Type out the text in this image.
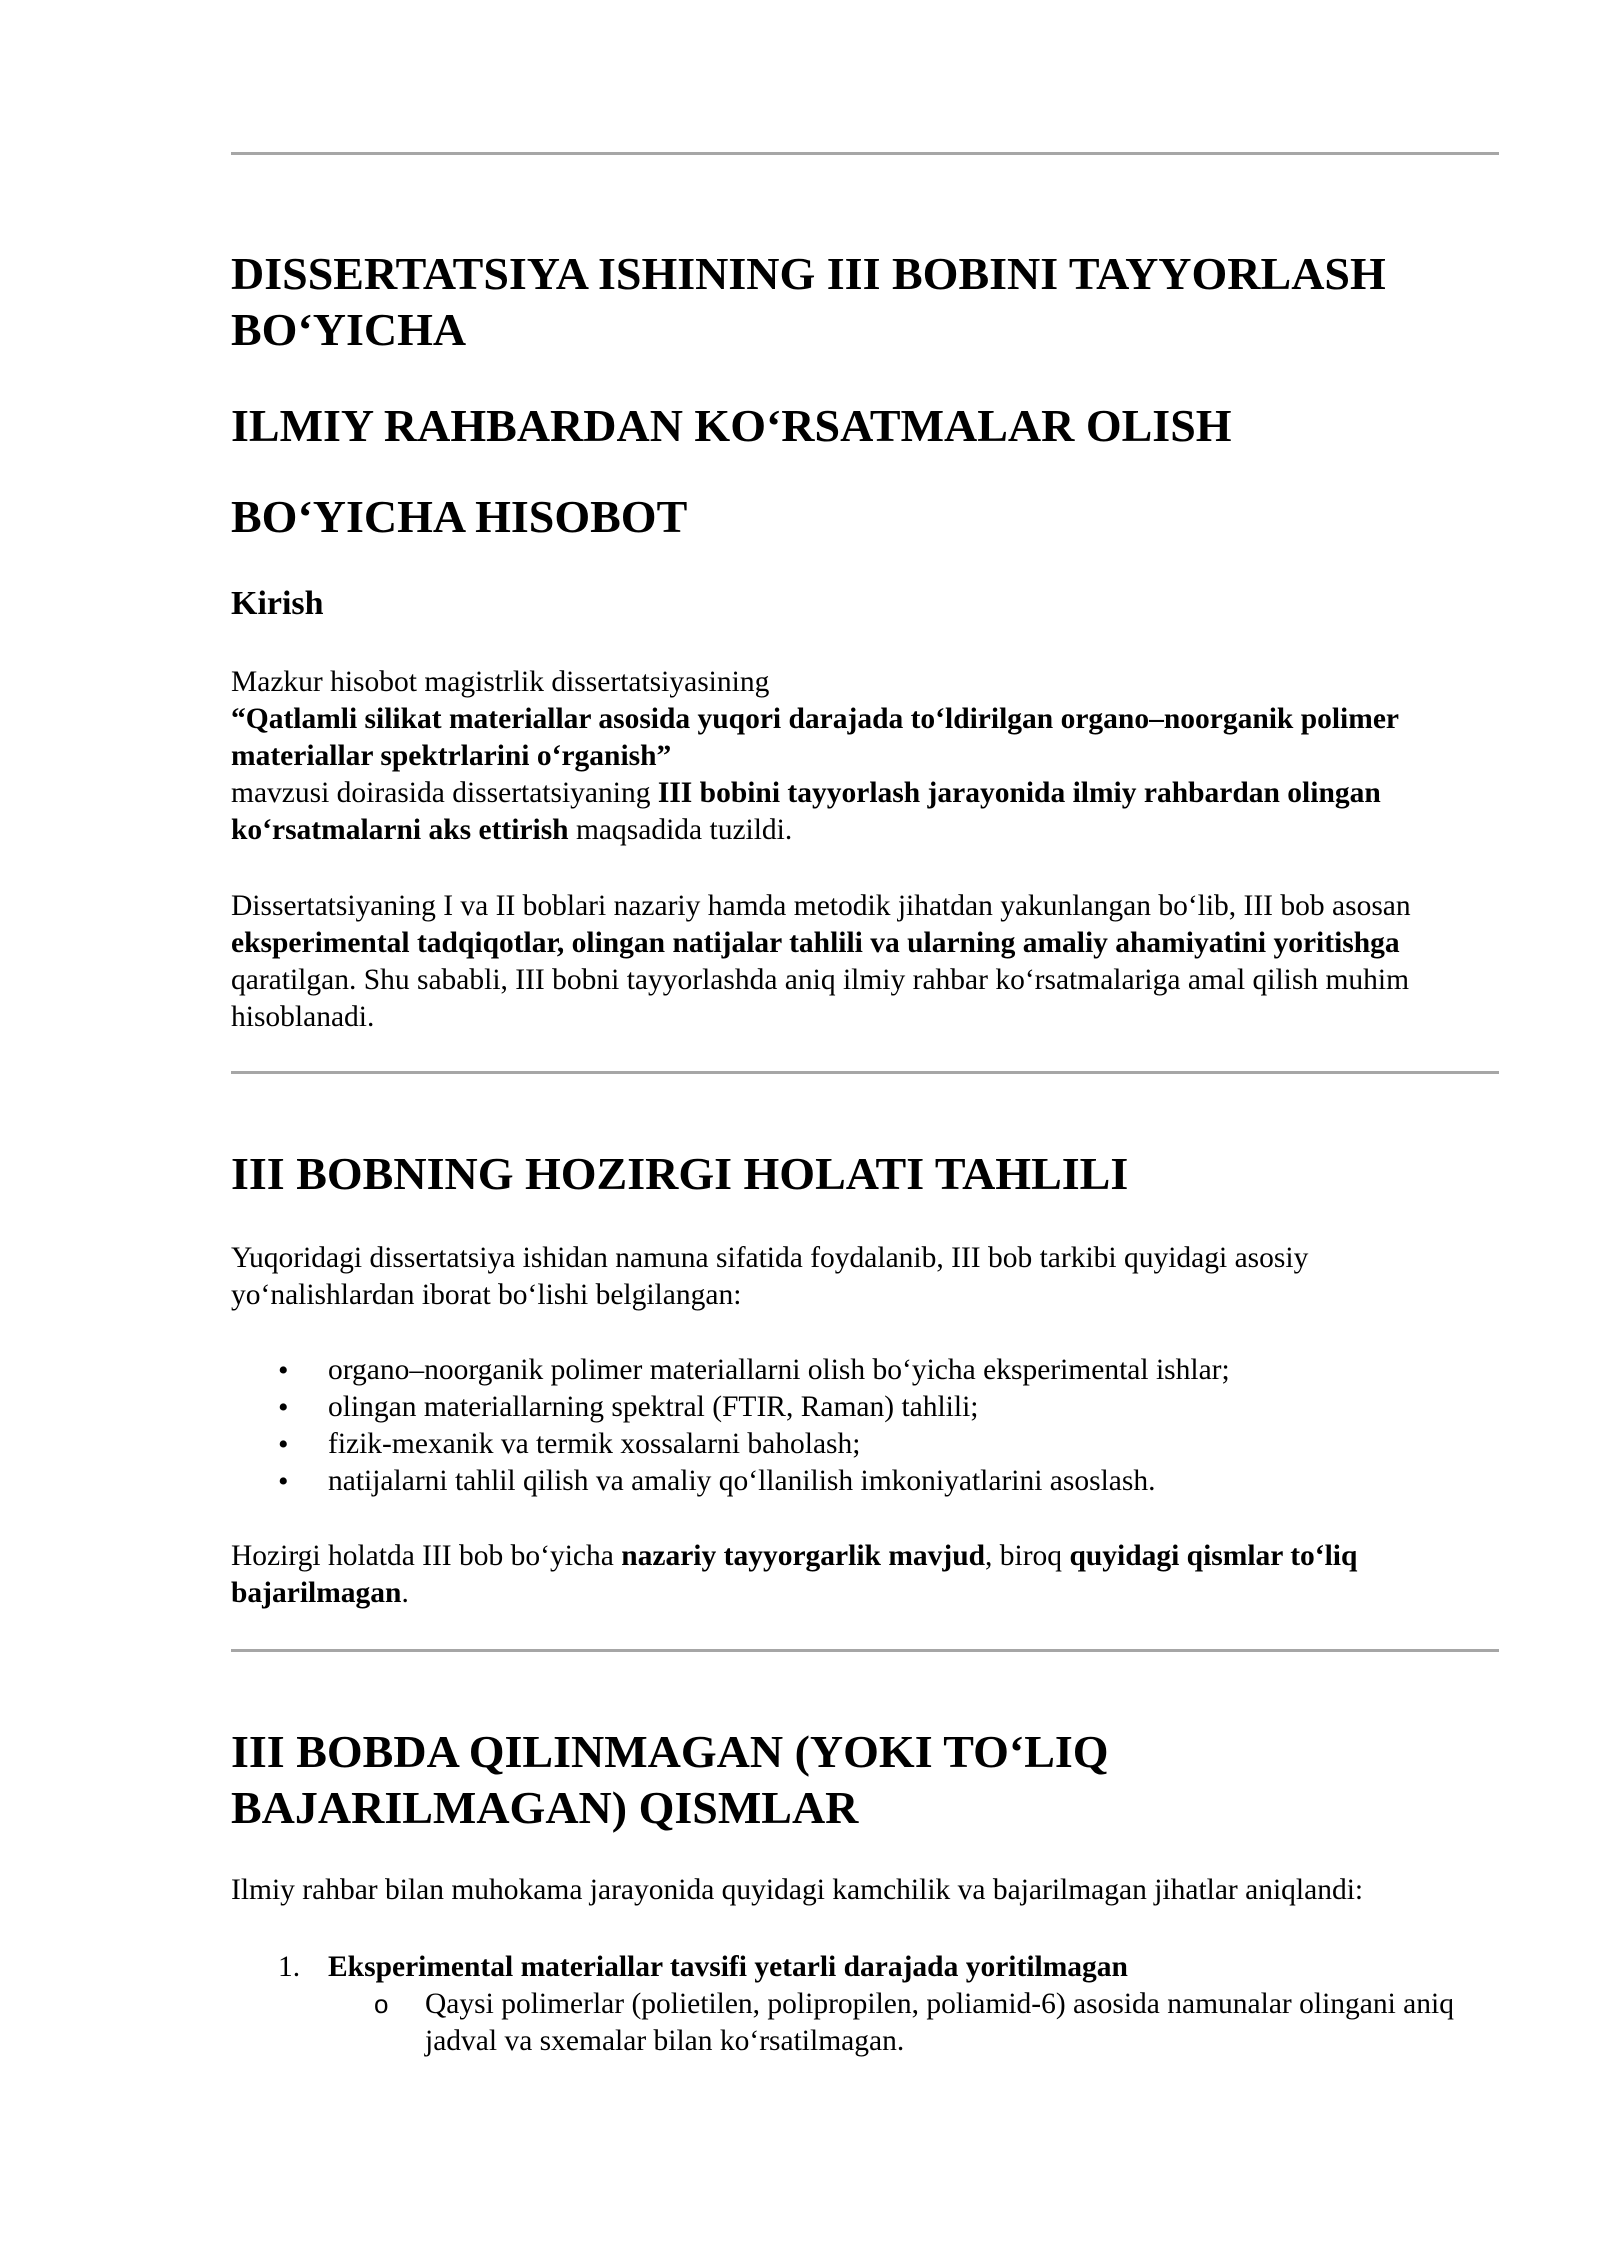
DISSERTATSIYA ISHINING III BOBINI TAYYORLASH BO‘YICHA
ILMIY RAHBARDAN KO‘RSATMALAR OLISH
BO‘YICHA HISOBOT
Kirish

Mazkur hisobot magistrlik dissertatsiyasining
“Qatlamli silikat materiallar asosida yuqori darajada to‘ldirilgan organo–noorganik polimer materiallar spektrlarini o‘rganish”
mavzusi doirasida dissertatsiyaning III bobini tayyorlash jarayonida ilmiy rahbardan olingan ko‘rsatmalarni aks ettirish maqsadida tuzildi.

Dissertatsiyaning I va II boblari nazariy hamda metodik jihatdan yakunlangan bo‘lib, III bob asosan eksperimental tadqiqotlar, olingan natijalar tahlili va ularning amaliy ahamiyatini yoritishga qaratilgan. Shu sababli, III bobni tayyorlashda aniq ilmiy rahbar ko‘rsatmalariga amal qilish muhim hisoblanadi.

III BOBNING HOZIRGI HOLATI TAHLILI

Yuqoridagi dissertatsiya ishidan namuna sifatida foydalanib, III bob tarkibi quyidagi asosiy yo‘nalishlardan iborat bo‘lishi belgilangan:

• organo–noorganik polimer materiallarni olish bo‘yicha eksperimental ishlar;
• olingan materiallarning spektral (FTIR, Raman) tahlili;
• fizik-mexanik va termik xossalarni baholash;
• natijalarni tahlil qilish va amaliy qo‘llanilish imkoniyatlarini asoslash.

Hozirgi holatda III bob bo‘yicha nazariy tayyorgarlik mavjud, biroq quyidagi qismlar to‘liq bajarilmagan.

III BOBDA QILINMAGAN (YOKI TO‘LIQ
BAJARILMAGAN) QISMLAR

Ilmiy rahbar bilan muhokama jarayonida quyidagi kamchilik va bajarilmagan jihatlar aniqlandi:

1. Eksperimental materiallar tavsifi yetarli darajada yoritilmagan
o Qaysi polimerlar (polietilen, polipropilen, poliamid-6) asosida namunalar olingani aniq jadval va sxemalar bilan ko‘rsatilmagan.
